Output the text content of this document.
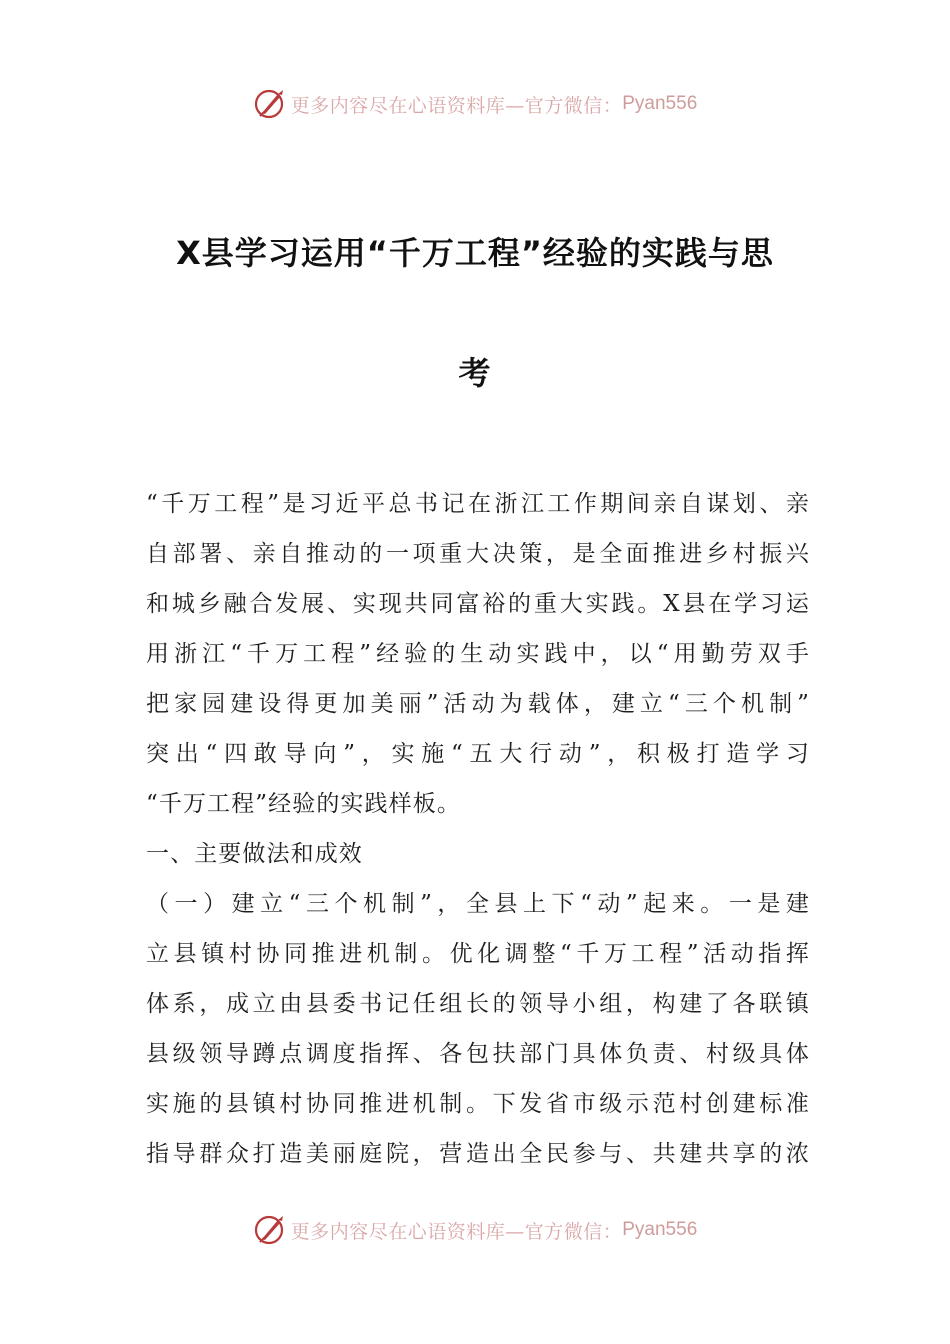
更多内容尽在心语资料库—官方微信： Pyan556
X县学习运用“千万工程”经验的实践与思
考
“千万工程”是习近平总书记在浙江工作期间亲自谋划、亲
自部署、亲自推动的一项重大决策，是全面推进乡村振兴
和城乡融合发展、实现共同富裕的重大实践。X县在学习运
用浙江“千万工程”经验的生动实践中，以“用勤劳双手
把家园建设得更加美丽”活动为载体，建立“三个机制”
突出“四敢导向”，实施“五大行动”，积极打造学习
“千万工程”经验的实践样板。
一、主要做法和成效
（一）建立“三个机制”，全县上下“动”起来。一是建
立县镇村协同推进机制。优化调整“千万工程”活动指挥
体系，成立由县委书记任组长的领导小组，构建了各联镇
县级领导蹲点调度指挥、各包扶部门具体负责、村级具体
实施的县镇村协同推进机制。下发省市级示范村创建标准
指导群众打造美丽庭院，营造出全民参与、共建共享的浓
更多内容尽在心语资料库—官方微信： Pyan556
